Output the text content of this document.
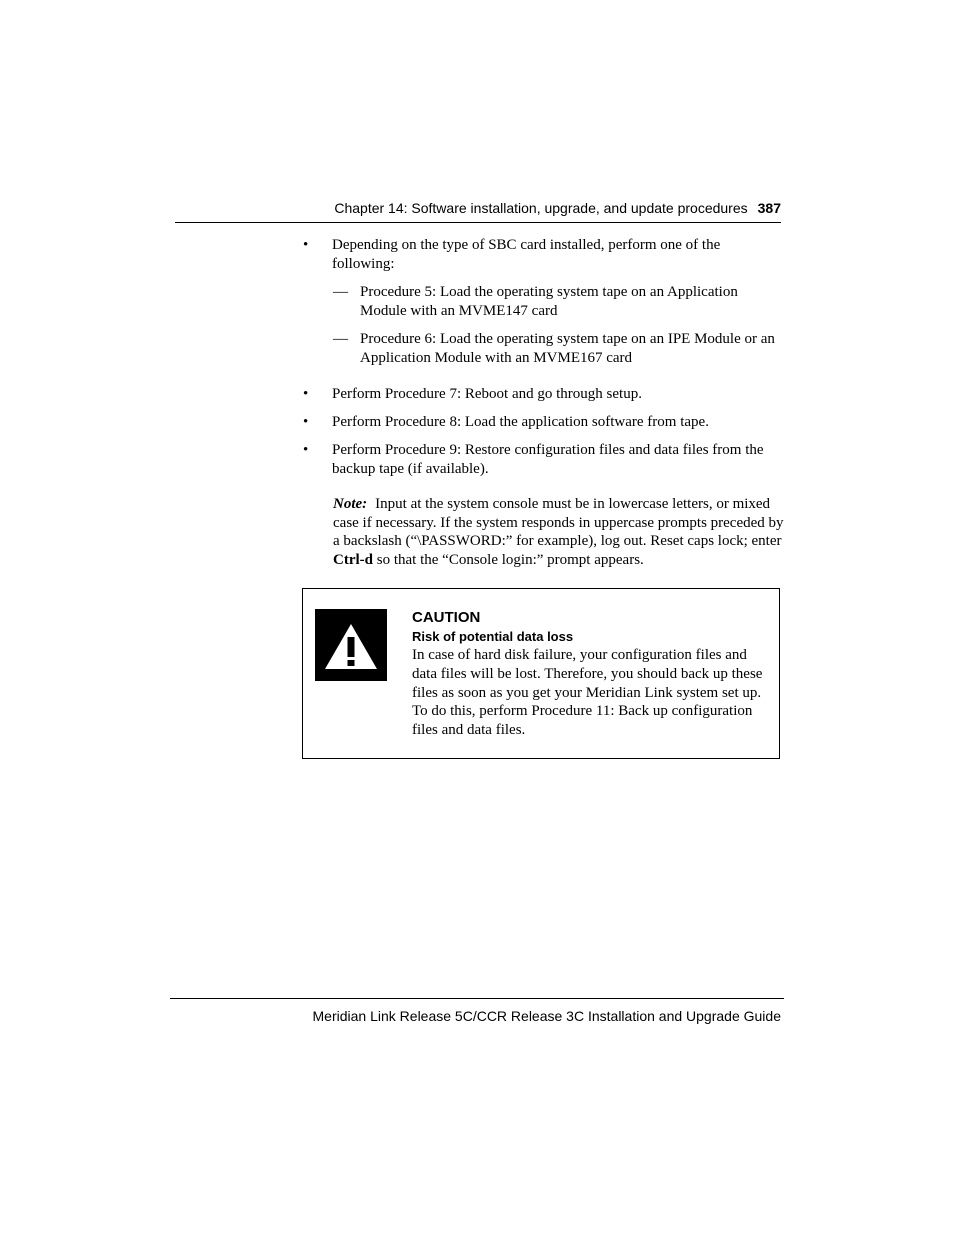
Chapter 14: Software installation, upgrade, and update procedures 387
• Depending on the type of SBC card installed, perform one of the following:
— Procedure 5: Load the operating system tape on an Application Module with an MVME147 card
— Procedure 6: Load the operating system tape on an IPE Module or an Application Module with an MVME167 card
• Perform Procedure 7: Reboot and go through setup.
• Perform Procedure 8: Load the application software from tape.
• Perform Procedure 9: Restore configuration files and data files from the backup tape (if available).
Note: Input at the system console must be in lowercase letters, or mixed case if necessary. If the system responds in uppercase prompts preceded by a backslash (“\PASSWORD:” for example), log out. Reset caps lock; enter Ctrl-d so that the “Console login:” prompt appears.
CAUTION
Risk of potential data loss
In case of hard disk failure, your configuration files and data files will be lost. Therefore, you should back up these files as soon as you get your Meridian Link system set up. To do this, perform Procedure 11: Back up configuration files and data files.
Meridian Link Release 5C/CCR Release 3C Installation and Upgrade Guide
